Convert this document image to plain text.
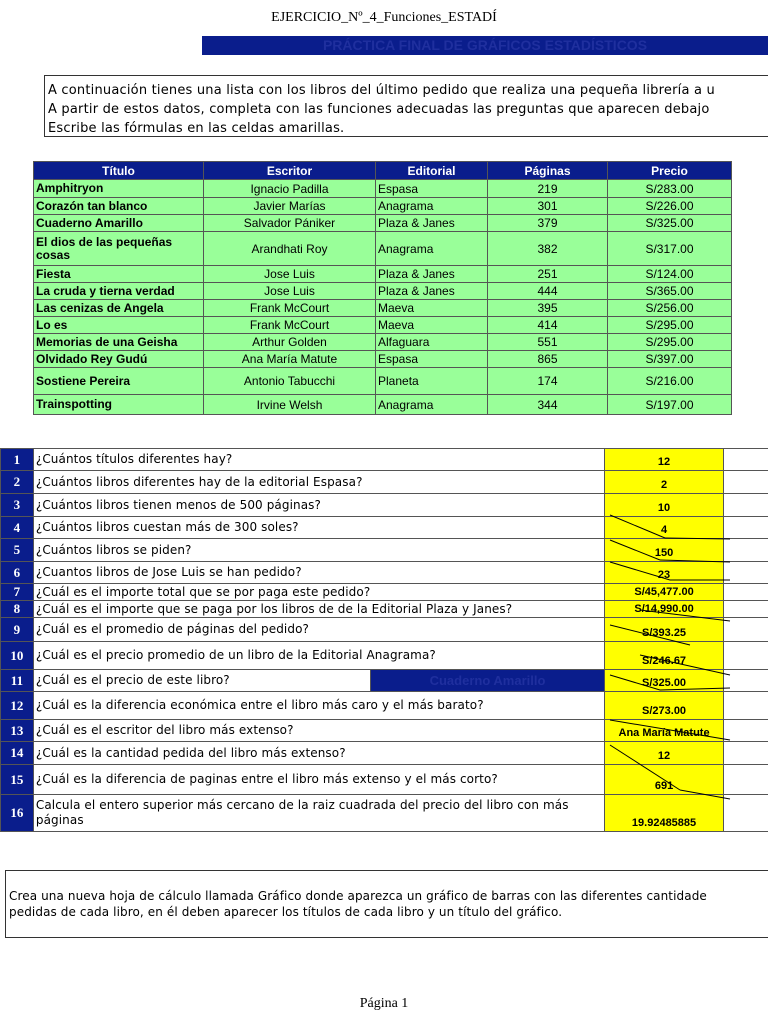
EJERCICIO_Nº_4_Funciones_ESTADÍ
PRÁCTICA FINAL DE GRÁFICOS ESTADÍSTICOS
A continuación tienes una lista con los libros del último pedido que realiza una pequeña librería a u
A partir de estos datos, completa con las funciones adecuadas las preguntas que aparecen debajo
Escribe las fórmulas en las celdas amarillas.
Título	Escritor	Editorial	Páginas	Precio
Amphitryon	Ignacio Padilla	Espasa	219	S/283.00
Corazón tan blanco	Javier Marías	Anagrama	301	S/226.00
Cuaderno Amarillo	Salvador Pániker	Plaza & Janes	379	S/325.00
El dios de las pequeñas cosas	Arandhati Roy	Anagrama	382	S/317.00
Fiesta	Jose Luis	Plaza & Janes	251	S/124.00
La cruda y tierna verdad	Jose Luis	Plaza & Janes	444	S/365.00
Las cenizas de Angela	Frank McCourt	Maeva	395	S/256.00
Lo es	Frank McCourt	Maeva	414	S/295.00
Memorias de una Geisha	Arthur Golden	Alfaguara	551	S/295.00
Olvidado Rey Gudú	Ana María Matute	Espasa	865	S/397.00
Sostiene Pereira	Antonio Tabucchi	Planeta	174	S/216.00
Trainspotting	Irvine Welsh	Anagrama	344	S/197.00
1	¿Cuántos títulos diferentes hay?		12	
2	¿Cuántos libros diferentes hay de la editorial Espasa?		2	
3	¿Cuántos libros tienen menos de 500 páginas?		10	
4	¿Cuántos libros cuestan más de 300 soles?		4	
5	¿Cuántos libros se piden?		150	
6	¿Cuantos libros de Jose Luis se han pedido?		23	
7	¿Cuál es el importe total que se por paga este pedido?		S/45,477.00	
8	¿Cuál es el importe que se paga por los libros de de la Editorial Plaza y Janes?		S/14,990.00	
9	¿Cuál es el promedio de páginas del pedido?		S/393.25	
10	¿Cuál es el precio promedio de un libro de la Editorial Anagrama?		S/246.67	
11	¿Cuál es el precio de este libro?	Cuaderno Amarillo	S/325.00	
12	¿Cuál es la diferencia económica entre el libro más caro y el más barato?		S/273.00	
13	¿Cuál es el escritor del libro más extenso?		Ana María Matute	
14	¿Cuál es la cantidad pedida del libro más extenso?		12	
15	¿Cuál es la diferencia de paginas entre el libro más extenso y el más corto?		691	
16	Calcula el entero superior más cercano de la raiz cuadrada del precio del libro con más páginas		19.92485885	
Crea una nueva hoja de cálculo llamada Gráfico donde aparezca un gráfico de barras con las diferentes cantidade
pedidas de cada libro, en él deben aparecer los títulos de cada libro y un título del gráfico.
Página 1
